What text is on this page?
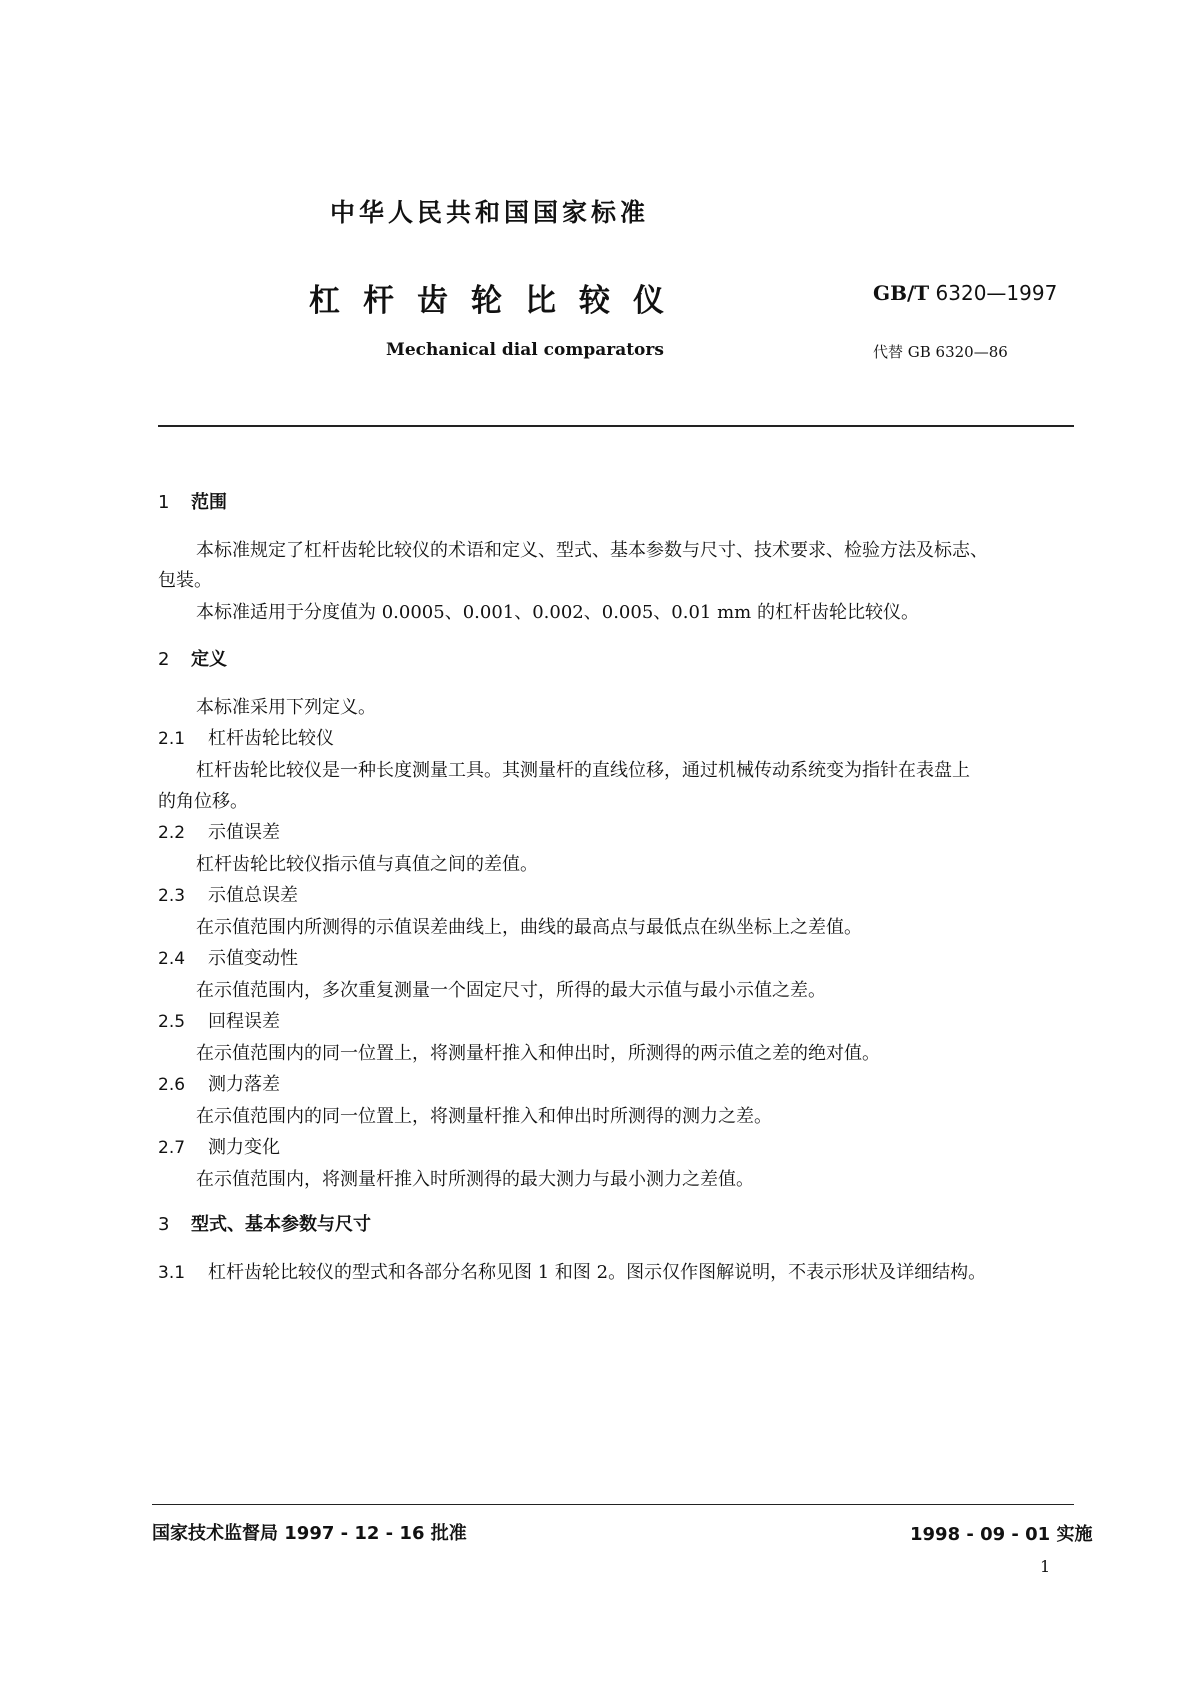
中华人民共和国国家标准
杠杆齿轮比较仪	GB/T 6320—1997
Mechanical dial comparators	代替 GB 6320—86
1 范围
本标准规定了杠杆齿轮比较仪的术语和定义、型式、基本参数与尺寸、技术要求、检验方法及标志、
包装。
本标准适用于分度值为 0.0005、0.001、0.002、0.005、0.01 mm 的杠杆齿轮比较仪。
2 定义
本标准采用下列定义。
2.1 杠杆齿轮比较仪
杠杆齿轮比较仪是一种长度测量工具。其测量杆的直线位移，通过机械传动系统变为指针在表盘上
的角位移。
2.2 示值误差
杠杆齿轮比较仪指示值与真值之间的差值。
2.3 示值总误差
在示值范围内所测得的示值误差曲线上，曲线的最高点与最低点在纵坐标上之差值。
2.4 示值变动性
在示值范围内，多次重复测量一个固定尺寸，所得的最大示值与最小示值之差。
2.5 回程误差
在示值范围内的同一位置上，将测量杆推入和伸出时，所测得的两示值之差的绝对值。
2.6 测力落差
在示值范围内的同一位置上，将测量杆推入和伸出时所测得的测力之差。
2.7 测力变化
在示值范围内，将测量杆推入时所测得的最大测力与最小测力之差值。
3 型式、基本参数与尺寸
3.1 杠杆齿轮比较仪的型式和各部分名称见图 1 和图 2。图示仅作图解说明，不表示形状及详细结构。
国家技术监督局 1997 - 12 - 16 批准	1998 - 09 - 01 实施
1
